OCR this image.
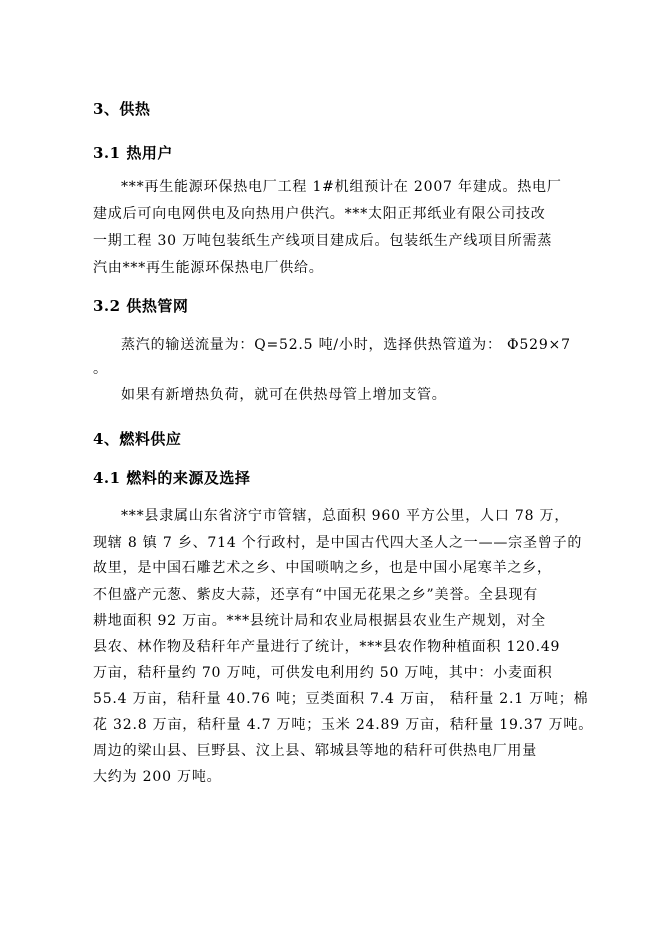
3、供热
3.1 热用户
***再生能源环保热电厂工程 1#机组预计在 2007 年建成。热电厂
建成后可向电网供电及向热用户供汽。***太阳正邦纸业有限公司技改
一期工程 30 万吨包装纸生产线项目建成后。包装纸生产线项目所需蒸
汽由***再生能源环保热电厂供给。
3.2 供热管网
蒸汽的输送流量为：Q=52.5 吨/小时，选择供热管道为： Ф529×7
。
如果有新增热负荷，就可在供热母管上增加支管。
4、燃料供应
4.1 燃料的来源及选择
***县隶属山东省济宁市管辖，总面积 960 平方公里，人口 78 万，
现辖 8 镇 7 乡、714 个行政村，是中国古代四大圣人之一——宗圣曾子的
故里，是中国石雕艺术之乡、中国唢呐之乡，也是中国小尾寒羊之乡，
不但盛产元葱、紫皮大蒜，还享有“中国无花果之乡”美誉。全县现有
耕地面积 92 万亩。***县统计局和农业局根据县农业生产规划，对全
县农、林作物及秸秆年产量进行了统计，***县农作物种植面积 120.49
万亩，秸秆量约 70 万吨，可供发电利用约 50 万吨，其中：小麦面积
55.4 万亩，秸秆量 40.76 吨；豆类面积 7.4 万亩， 秸秆量 2.1 万吨；棉
花 32.8 万亩，秸秆量 4.7 万吨；玉米 24.89 万亩，秸秆量 19.37 万吨。
周边的梁山县、巨野县、汶上县、郓城县等地的秸秆可供热电厂用量
大约为 200 万吨。
